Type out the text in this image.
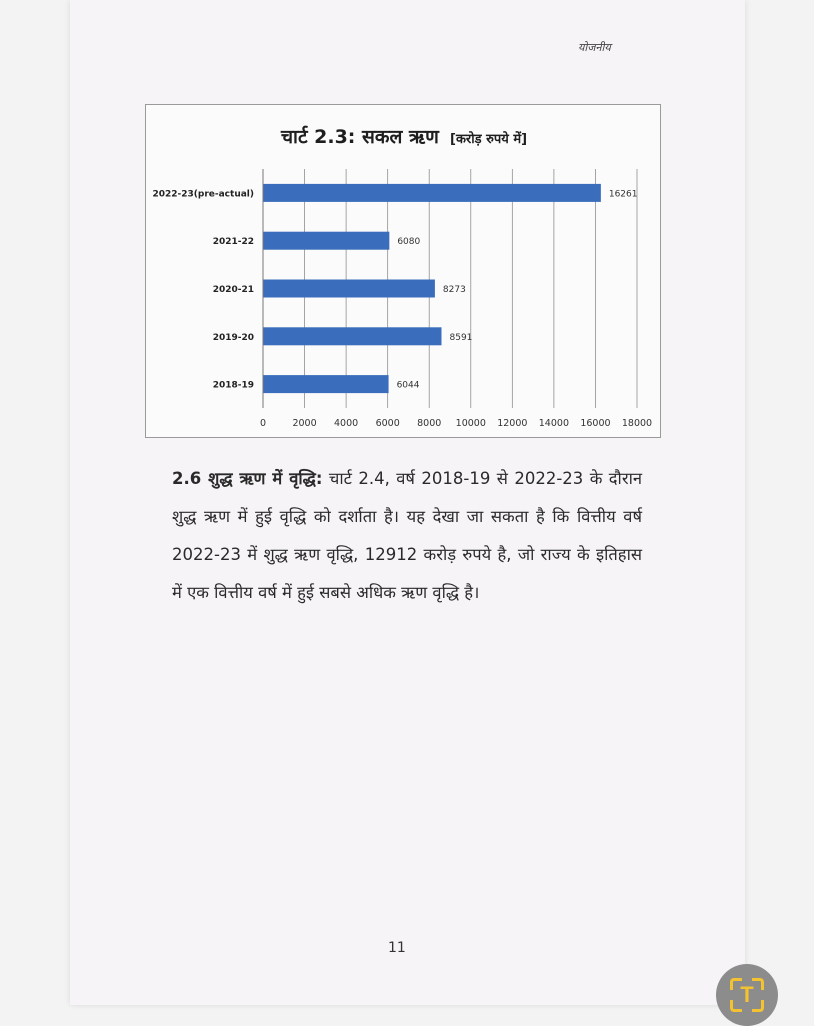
योजनीय
चार्ट 2.3: सकल ऋण [करोड़ रुपये में]
0	2000 4000 6000 8000 10000 12000 14000 16000 18000
2022-23(pre-actual)	16261
2021-22	6080
2020-21	8273
2019-20	8591
2018-19	6044
2.6 शुद्ध ऋण में वृद्धि: चार्ट 2.4, वर्ष 2018-19 से 2022-23 के दौरान शुद्ध ऋण में हुई वृद्धि को दर्शाता है। यह देखा जा सकता है कि वित्तीय वर्ष 2022-23 में शुद्ध ऋण वृद्धि, 12912 करोड़ रुपये है, जो राज्य के इतिहास में एक वित्तीय वर्ष में हुई सबसे अधिक ऋण वृद्धि है।
11
T
